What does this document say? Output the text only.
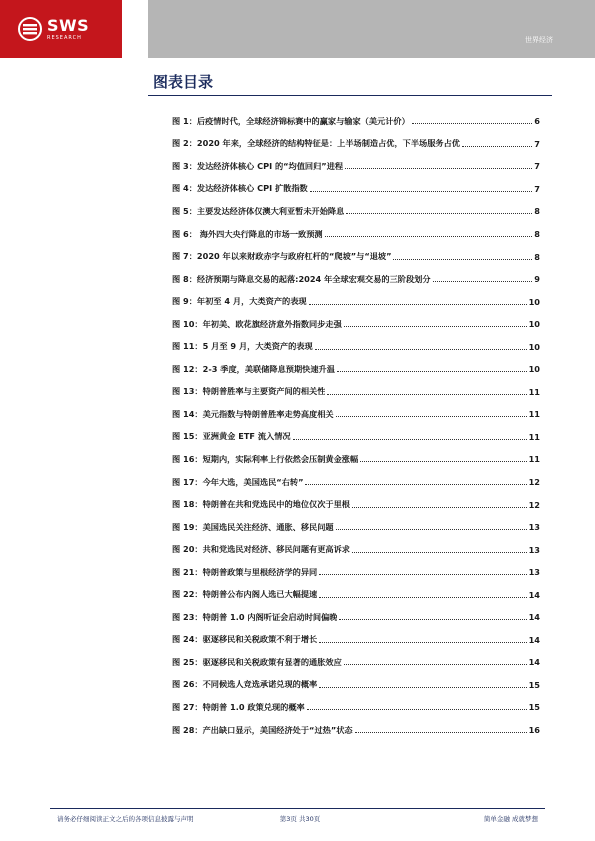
SWS
RESEARCH	世界经济
图表目录
图 1：后疫情时代，全球经济锦标赛中的赢家与输家（美元计价）	6
图 2：2020 年来，全球经济的结构特征是：上半场制造占优，下半场服务占优	7
图 3：发达经济体核心 CPI 的“均值回归”进程	7
图 4：发达经济体核心 CPI 扩散指数	7
图 5：主要发达经济体仅澳大利亚暂未开始降息	8
图 6： 海外四大央行降息的市场一致预测	8
图 7：2020 年以来财政赤字与政府杠杆的“爬坡”与“退坡”	8
图 8：经济预期与降息交易的起落:2024 年全球宏观交易的三阶段划分	9
图 9：年初至 4 月，大类资产的表现	10
图 10：年初美、欧花旗经济意外指数同步走强	10
图 11：5 月至 9 月，大类资产的表现	10
图 12：2-3 季度，美联储降息预期快速升温	10
图 13：特朗普胜率与主要资产间的相关性	11
图 14：美元指数与特朗普胜率走势高度相关	11
图 15：亚洲黄金 ETF 流入情况	11
图 16：短期内，实际利率上行依然会压制黄金涨幅	11
图 17：今年大选，美国选民“右转”	12
图 18：特朗普在共和党选民中的地位仅次于里根	12
图 19：美国选民关注经济、通胀、移民问题	13
图 20：共和党选民对经济、移民问题有更高诉求	13
图 21：特朗普政策与里根经济学的异同	13
图 22：特朗普公布内阁人选已大幅提速	14
图 23：特朗普 1.0 内阁听证会启动时间偏晚	14
图 24：驱逐移民和关税政策不利于增长	14
图 25：驱逐移民和关税政策有显著的通胀效应	14
图 26：不同候选人竞选承诺兑现的概率	15
图 27：特朗普 1.0 政策兑现的概率	15
图 28：产出缺口显示，美国经济处于“过热”状态	16
请务必仔细阅读正文之后的各项信息披露与声明	第3页 共30页	简单金融 成就梦想
